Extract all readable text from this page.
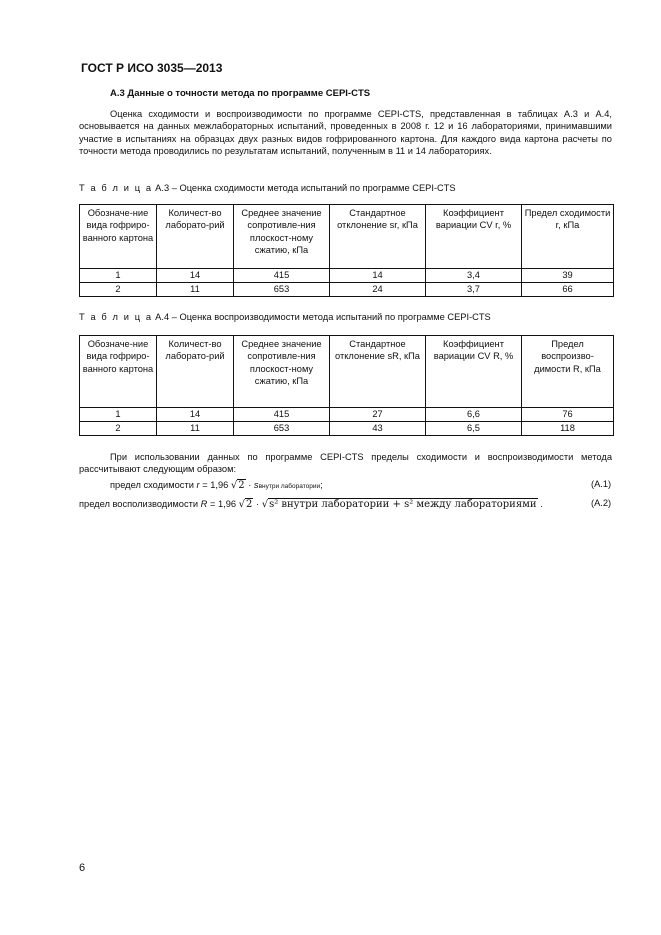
ГОСТ Р ИСО 3035—2013
А.3 Данные о точности метода по программе CEPI-CTS
Оценка сходимости и воспроизводимости по программе CEPI-CTS, представленная в таблицах А.3 и А.4, основывается на данных межлабораторных испытаний, проведенных в 2008 г. 12 и 16 лабораториями, принимавшими участие в испытаниях на образцах двух разных видов гофрированного картона. Для каждого вида картона расчеты по точности метода проводились по результатам испытаний, полученным в 11 и 14 лабораториях.
Т а б л и ц а А.3 – Оценка сходимости метода испытаний по программе CEPI-CTS
Обозначе-ние вида гофриро-ванного картона	Количест-во лаборато-рий	Среднее значение сопротивле-ния плоскост-ному сжатию, кПа	Стандартное отклонение sr, кПа	Коэффициент вариации CV r, %	Предел сходимости r, кПа
1	14	415	14	3,4	39
2	11	653	24	3,7	66
Т а б л и ц а А.4 – Оценка воспроизводимости метода испытаний по программе CEPI-CTS
Обозначе-ние вида гофриро-ванного картона	Количест-во лаборато-рий	Среднее значение сопротивле-ния плоскост-ному сжатию, кПа	Стандартное отклонение sR, кПа	Коэффициент вариации CV R, %	Предел воспроизво-димости R, кПа
1	14	415	27	6,6	76
2	11	653	43	6,5	118
При использовании данных по программе CEPI-CTS пределы сходимости и воспроизводимости метода рассчитывают следующим образом:
предел сходимости r = 1,96 √2 · sвнутри лаборатории;	(A.1)
предел восполизводимости R = 1,96 √2 · √s² внутри лаборатории + s² между лабораториями .	(A.2)
6
